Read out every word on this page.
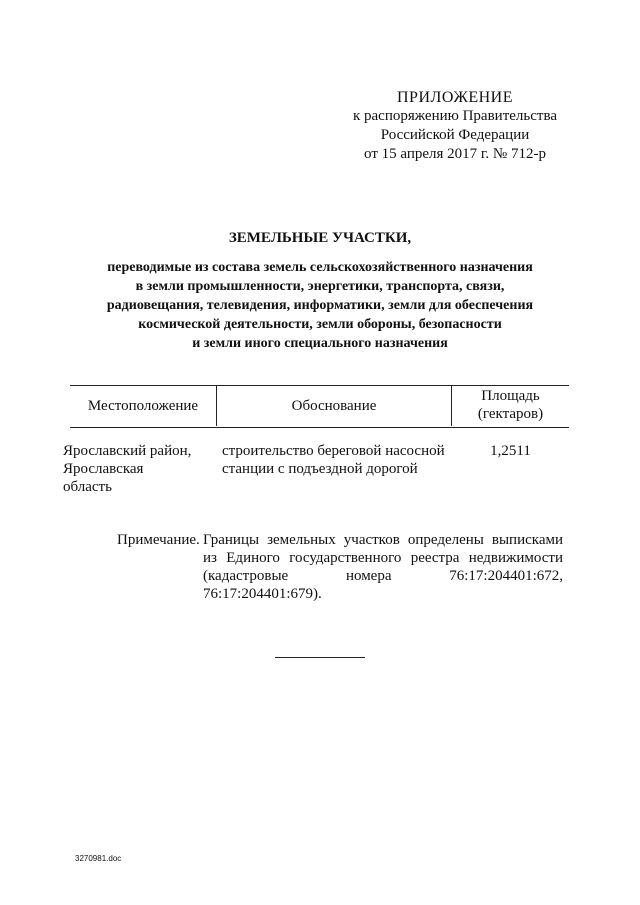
ПРИЛОЖЕНИЕ
к распоряжению Правительства
Российской Федерации
от 15 апреля 2017 г. № 712-р
ЗЕМЕЛЬНЫЕ УЧАСТКИ,
переводимые из состава земель сельскохозяйственного назначения
в земли промышленности, энергетики, транспорта, связи,
радиовещания, телевидения, информатики, земли для обеспечения
космической деятельности, земли обороны, безопасности
и земли иного специального назначения
Местоположение	Обоснование
Площадь
(гектаров)
Ярославский район,
Ярославская
область
строительство береговой насосной
станции с подъездной дорогой
1,2511
Примечание. Границы земельных участков определены выписками
из Единого государственного реестра недвижимости
(кадастровые номера 76:17:204401:672,
76:17:204401:679).
3270981.doc
